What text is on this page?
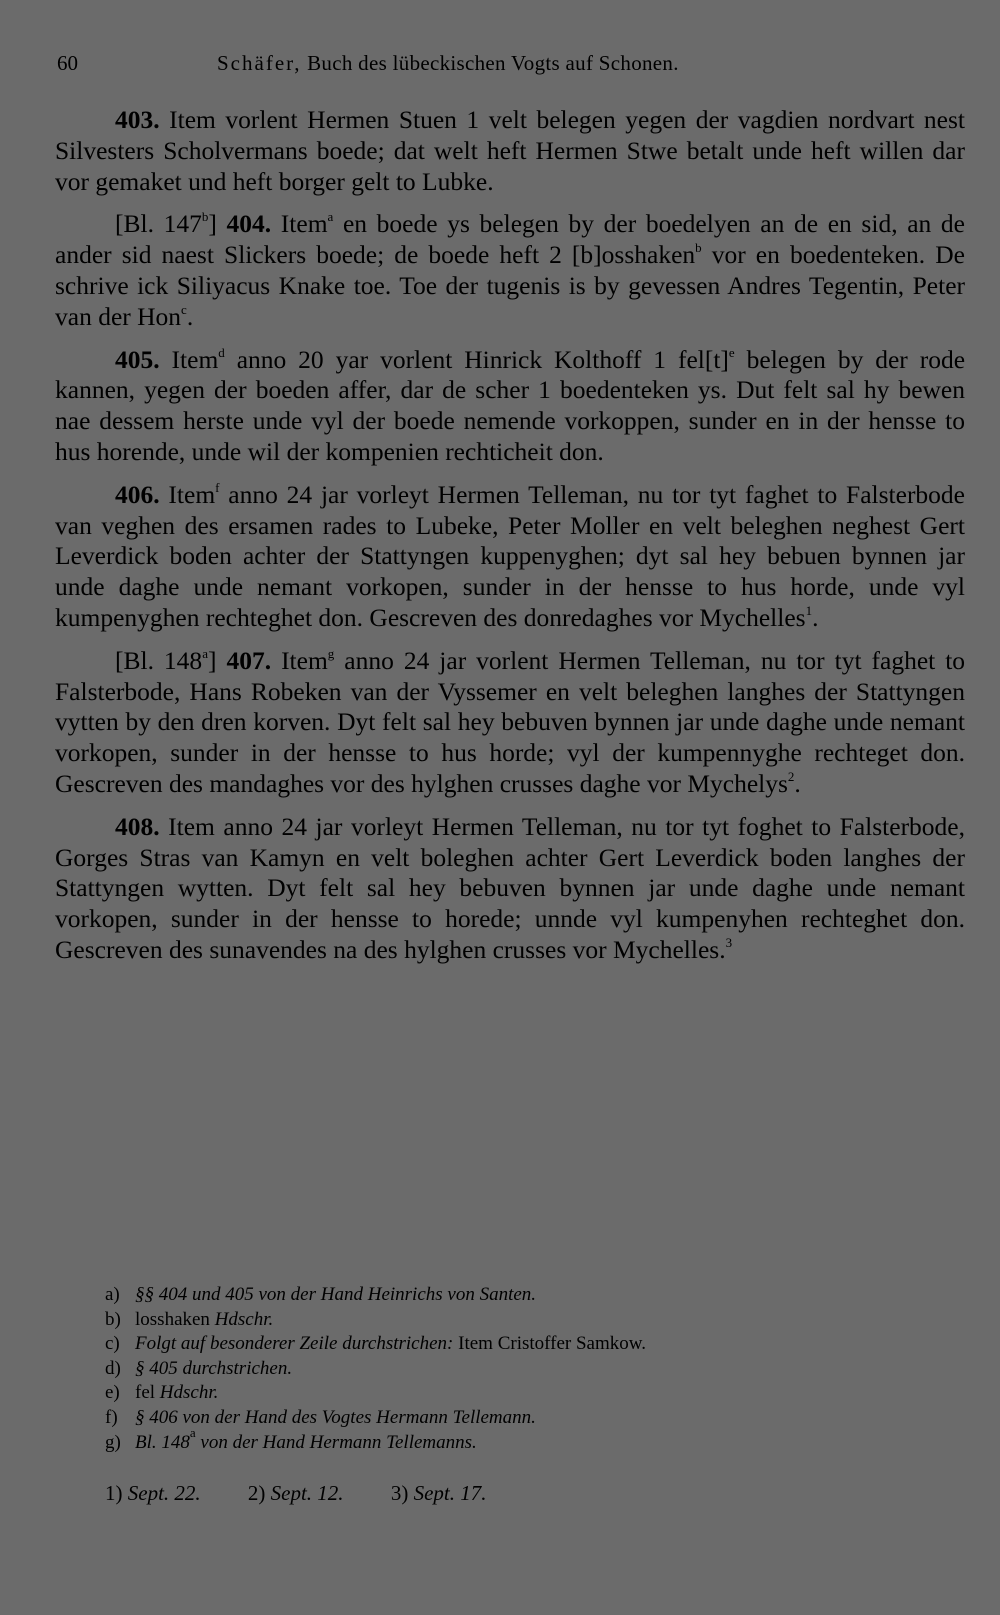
60	Schäfer, Buch des lübeckischen Vogts auf Schonen.

403. Item vorlent Hermen Stuen 1 velt belegen yegen der vagdien nordvart nest Silvesters Scholvermans boede; dat welt heft Hermen Stwe betalt unde heft willen dar vor gemaket und heft borger gelt to Lubke.

[Bl. 147$^b$] 404. Item$^a$ en boede ys belegen by der boedelyen an de en sid, an de ander sid naest Slickers boede; de boede heft 2 [b]osshaken$^b$ vor en boedenteken. De schrive ick Siliyacus Knake toe. Toe der tugenis is by gevessen Andres Tegentin, Peter van der Hon$^c$.

405. Item$^d$ anno 20 yar vorlent Hinrick Kolthoff 1 $fel[t]^e$ belegen by der rode kannen, yegen der boeden affer, dar de scher 1 boedenteken ys. Dut felt sal hy bewen nae dessem herste unde vyl der boede nemende vorkoppen, sunder en in der hensse to hus horende, unde wil der kompenien rechticheit don.

406. Item$^f$ anno 24 jar vorleyt Hermen Telleman, nu tor tyt faghet to Falsterbode van veghen des ersamen rades to Lubeke, Peter Moller en velt beleghen neghest Gert Leverdick boden achter der Stattyngen kuppenyghen; dyt sal hey bebuen bynnen jar unde daghe unde nemant vorkopen, sunder in der hensse to hus horde, unde vyl kumpenyghen rechteghet don. Gescreven des donredaghes vor Mychelles$^1$.

[Bl. 148$^a$] 407. Item$^g$ anno 24 jar vorlent Hermen Telleman, nu tor tyt faghet to Falsterbode, Hans Robeken van der Vyssemer en velt beleghen langhes der Stattyngen vytten by den dren korven. Dyt felt sal hey bebuven bynnen jar unde daghe unde nemant vorkopen, sunder in der hensse to hus horde; vyl der kumpennyghe rechteget don. Gescreven des mandaghes vor des hylghen crusses daghe vor Mychelys$^2$.

408. Item anno 24 jar vorleyt Hermen Telleman, nu tor tyt foghet to Falsterbode, Gorges Stras van Kamyn en velt boleghen achter Gert Leverdick boden langhes der Stattyngen wytten. Dyt felt sal hey bebuven bynnen jar unde daghe unde nemant vorkopen, sunder in der hensse to horede; unnde vyl kumpenyhen rechteghet don. Gescreven des sunavendes na des hylghen crusses vor Mychelles.$^3$

a) §§ 404 und 405 von der Hand Heinrichs von Santen.
b) losshaken Hdschr.
c) Folgt auf besonderer Zeile durchstrichen: Item Cristoffer Samkow.
d) § 405 durchstrichen.
e) fel Hdschr.
f) § 406 von der Hand des Vogtes Hermann Tellemann.
g) Bl. 148$^a$ von der Hand Hermann Tellemanns.
1) Sept. 22. 2) Sept. 12. 3) Sept. 17.
